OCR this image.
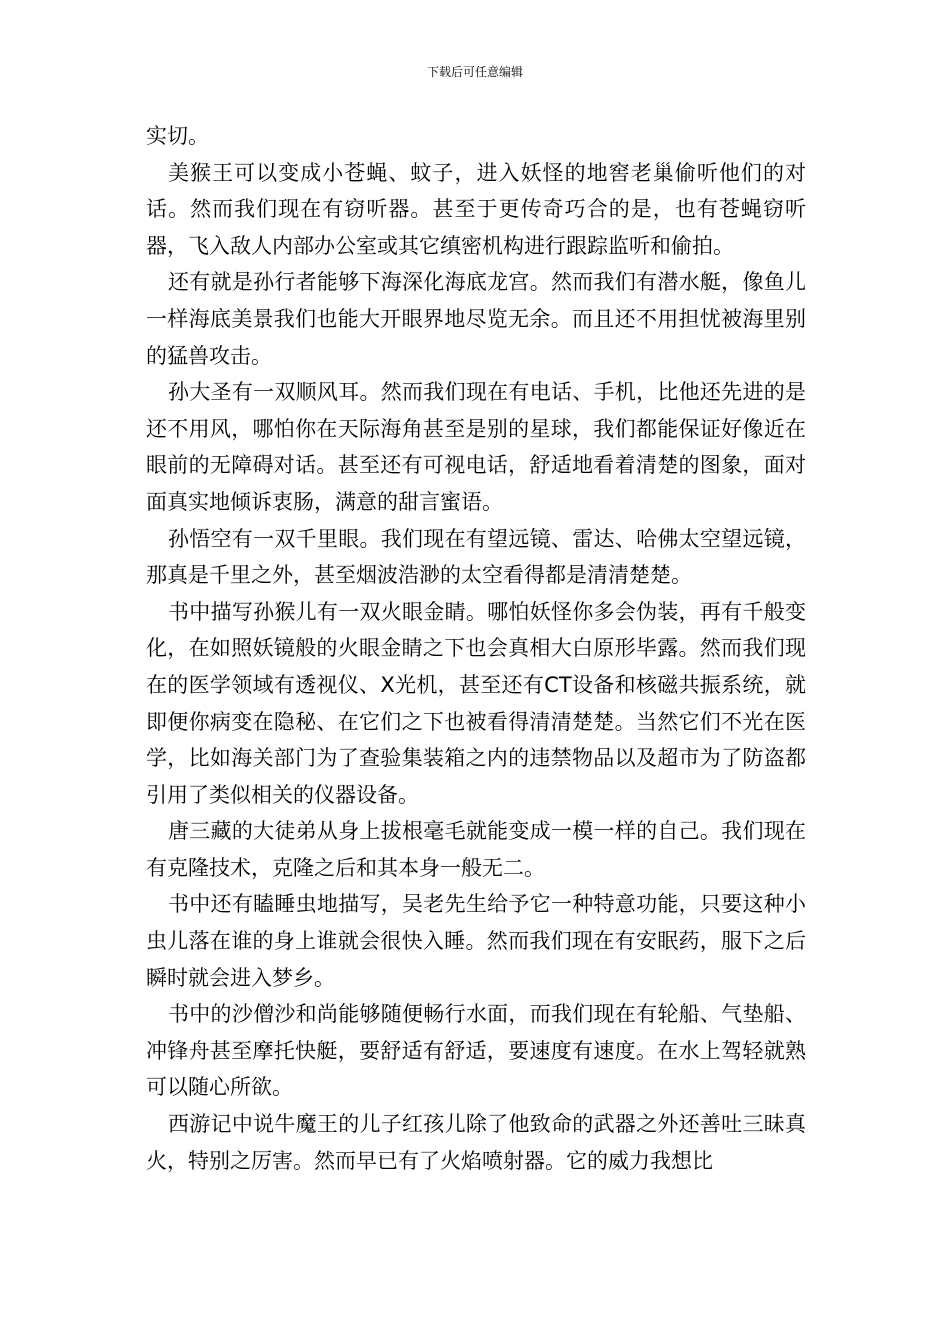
下载后可任意编辑

实切。

美猴王可以变成小苍蝇、蚊子，进入妖怪的地窖老巢偷听他们的对话。然而我们现在有窃听器。甚至于更传奇巧合的是，也有苍蝇窃听器，飞入敌人内部办公室或其它缜密机构进行跟踪监听和偷拍。

还有就是孙行者能够下海深化海底龙宫。然而我们有潜水艇，像鱼儿一样海底美景我们也能大开眼界地尽览无余。而且还不用担忧被海里别的猛兽攻击。

孙大圣有一双顺风耳。然而我们现在有电话、手机，比他还先进的是还不用风，哪怕你在天际海角甚至是别的星球，我们都能保证好像近在眼前的无障碍对话。甚至还有可视电话，舒适地看着清楚的图象，面对面真实地倾诉衷肠，满意的甜言蜜语。

孙悟空有一双千里眼。我们现在有望远镜、雷达、哈佛太空望远镜，那真是千里之外，甚至烟波浩渺的太空看得都是清清楚楚。

书中描写孙猴儿有一双火眼金睛。哪怕妖怪你多会伪装，再有千般变化，在如照妖镜般的火眼金睛之下也会真相大白原形毕露。然而我们现在的医学领域有透视仪、X光机，甚至还有CT设备和核磁共振系统，就即便你病变在隐秘、在它们之下也被看得清清楚楚。当然它们不光在医学，比如海关部门为了查验集装箱之内的违禁物品以及超市为了防盗都引用了类似相关的仪器设备。

唐三藏的大徒弟从身上拔根毫毛就能变成一模一样的自己。我们现在有克隆技术，克隆之后和其本身一般无二。

书中还有瞌睡虫地描写，吴老先生给予它一种特意功能，只要这种小虫儿落在谁的身上谁就会很快入睡。然而我们现在有安眠药，服下之后瞬时就会进入梦乡。

书中的沙僧沙和尚能够随便畅行水面，而我们现在有轮船、气垫船、冲锋舟甚至摩托快艇，要舒适有舒适，要速度有速度。在水上驾轻就熟可以随心所欲。

西游记中说牛魔王的儿子红孩儿除了他致命的武器之外还善吐三昧真火，特别之厉害。然而早已有了火焰喷射器。它的威力我想比
